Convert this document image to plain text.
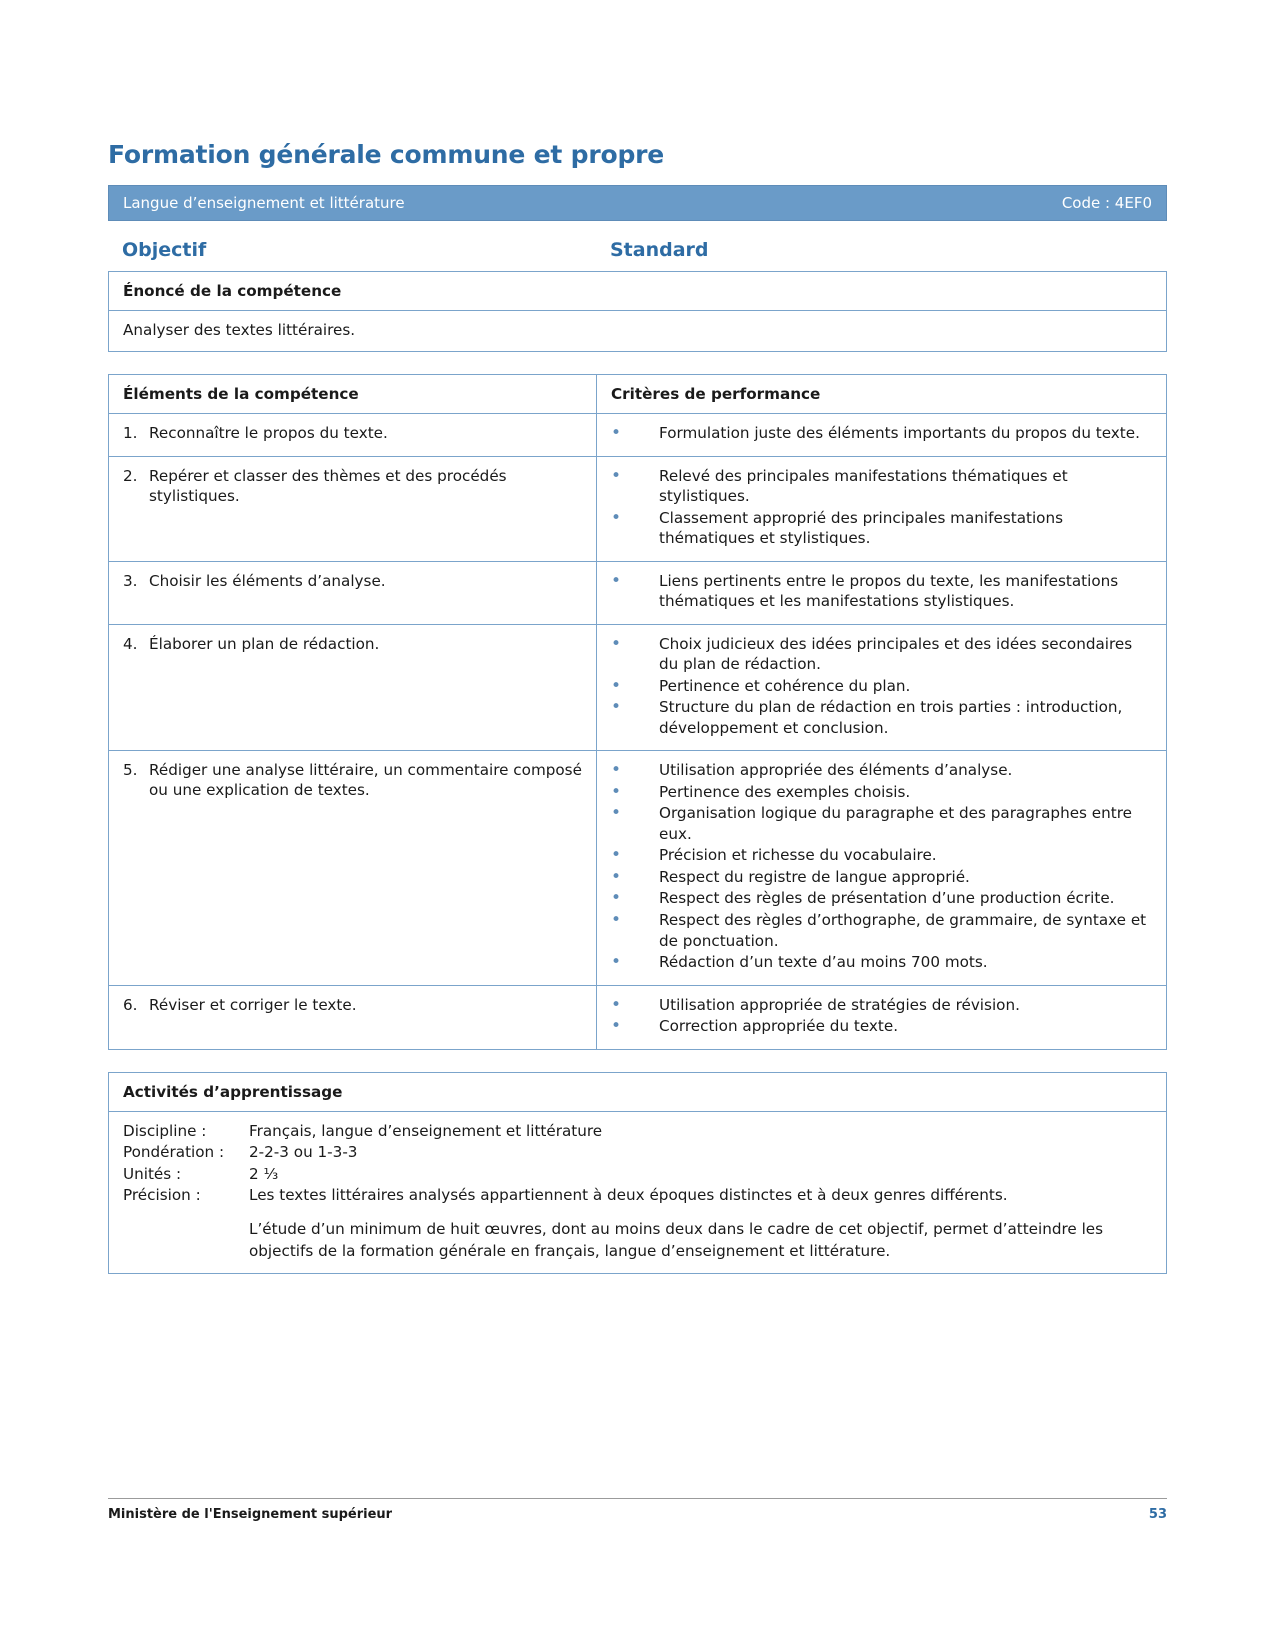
Formation générale commune et propre
Langue d’enseignement et littérature	Code : 4EF0
Objectif	Standard
Énoncé de la compétence
Analyser des textes littéraires.
Éléments de la compétence	Critères de performance

1. Reconnaître le propos du texte.

•Formulation juste des éléments importants du propos du texte.

2. Repérer et classer des thèmes et des procédés stylistiques.

• Relevé des principales manifestations thématiques et stylistiques.
• Classement approprié des principales manifestations thématiques et stylistiques.

3. Choisir les éléments d’analyse.

•Liens pertinents entre le propos du texte, les manifestations thématiques et les manifestations stylistiques.

4. Élaborer un plan de rédaction.

•Choix judicieux des idées principales et des idées secondaires du plan de rédaction.
• Pertinence et cohérence du plan.
• Structure du plan de rédaction en trois parties : introduction, développement et conclusion.

5. Rédiger une analyse littéraire, un commentaire composé ou une explication de textes.

• Utilisation appropriée des éléments d’analyse.
• Pertinence des exemples choisis.
• Organisation logique du paragraphe et des paragraphes entre eux.
• Précision et richesse du vocabulaire.
• Respect du registre de langue approprié.
• Respect des règles de présentation d’une production écrite.
• Respect des règles d’orthographe, de grammaire, de syntaxe et de ponctuation.
• Rédaction d’un texte d’au moins 700 mots.

6. Réviser et corriger le texte.

•Utilisation appropriée de stratégies de révision.
• Correction appropriée du texte.
Activités d’apprentissage

Discipline :	Français, langue d’enseignement et littérature
Pondération :	2-2-3 ou 1-3-3
Unités :	2 ⅓
Précision :	Les textes littéraires analysés appartiennent à deux époques distinctes et à deux genres différents.

L’étude d’un minimum de huit œuvres, dont au moins deux dans le cadre de cet objectif, permet d’atteindre les objectifs de la formation générale en français, langue d’enseignement et littérature.

Ministère de l'Enseignement supérieur	53
